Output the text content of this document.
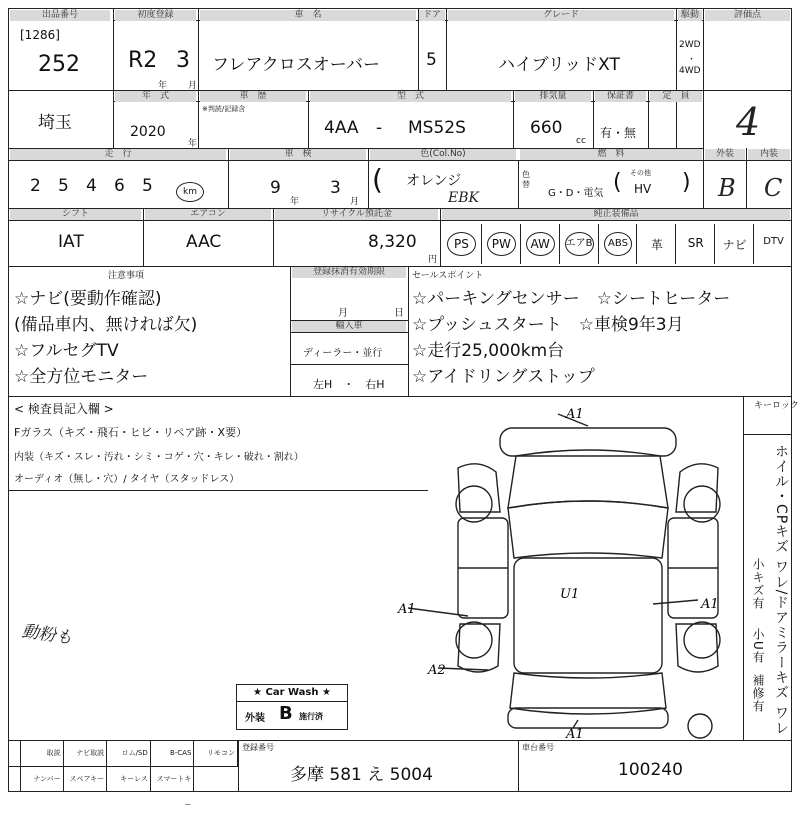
出品番号
[1286]
252
初度登録
R2 3
年 月
車　名
フレアクロスオーバー
ドア
5
グレード
ハイブリッドXT
駆動
2WD
・
4WD
評価点
4
埼玉
年　式
2020
年
車　歴
※判読/記録含
型　式
4AA - MS52S
排気量
660
cc
保証書
有・無
定　員
走　行
2 5 4 6 5	km
車　検
9
年
3
月
色(Col.No)
( オレンジ
EBK
色替
燃　料
G・D・電気 ( その他
HV )
外装
B
内装
C
シフト
IAT
エアコン
AAC
リサイクル預託金
8,320
円
純正装備品
PS	PW	AW	エアB	ABS	革	SR	ナビ	DTV
注意事項
☆ナビ(要動作確認)
(備品車内、無ければ欠)
☆フルセグTV
☆全方位モニター
登録抹消有効期限
月	日
輸入車
ディーラー・並行
左H　・　右H
セールスポイント
☆パーキングセンサー　☆シートヒーター
☆プッシュスタート　☆車検9年3月
☆走行25,000km台
☆アイドリングストップ
< 検査員記入欄 >
Fガラス（キズ・飛石・ヒビ・リペア跡・X要）
内装（キズ・スレ・汚れ・シミ・コゲ・穴・キレ・破れ・割れ）
オーディオ（無し・穴）/ タイヤ（スタッドレス）
動粉も
キーロック
ホイル・CPキズ ワレ/ドアミラーキズ ワレ
小キズ有
小U有
補修有
A1	A1
A2
A1
U1
A1
★ Car Wash ★
外装 B 施行済
取説	ナビ取説	ロム/SD	B-CAS	リモコン
ナンバー	スペアキー	キーレス	スマートキー
登録番号
多摩 581 え 5004
車台番号
100240
